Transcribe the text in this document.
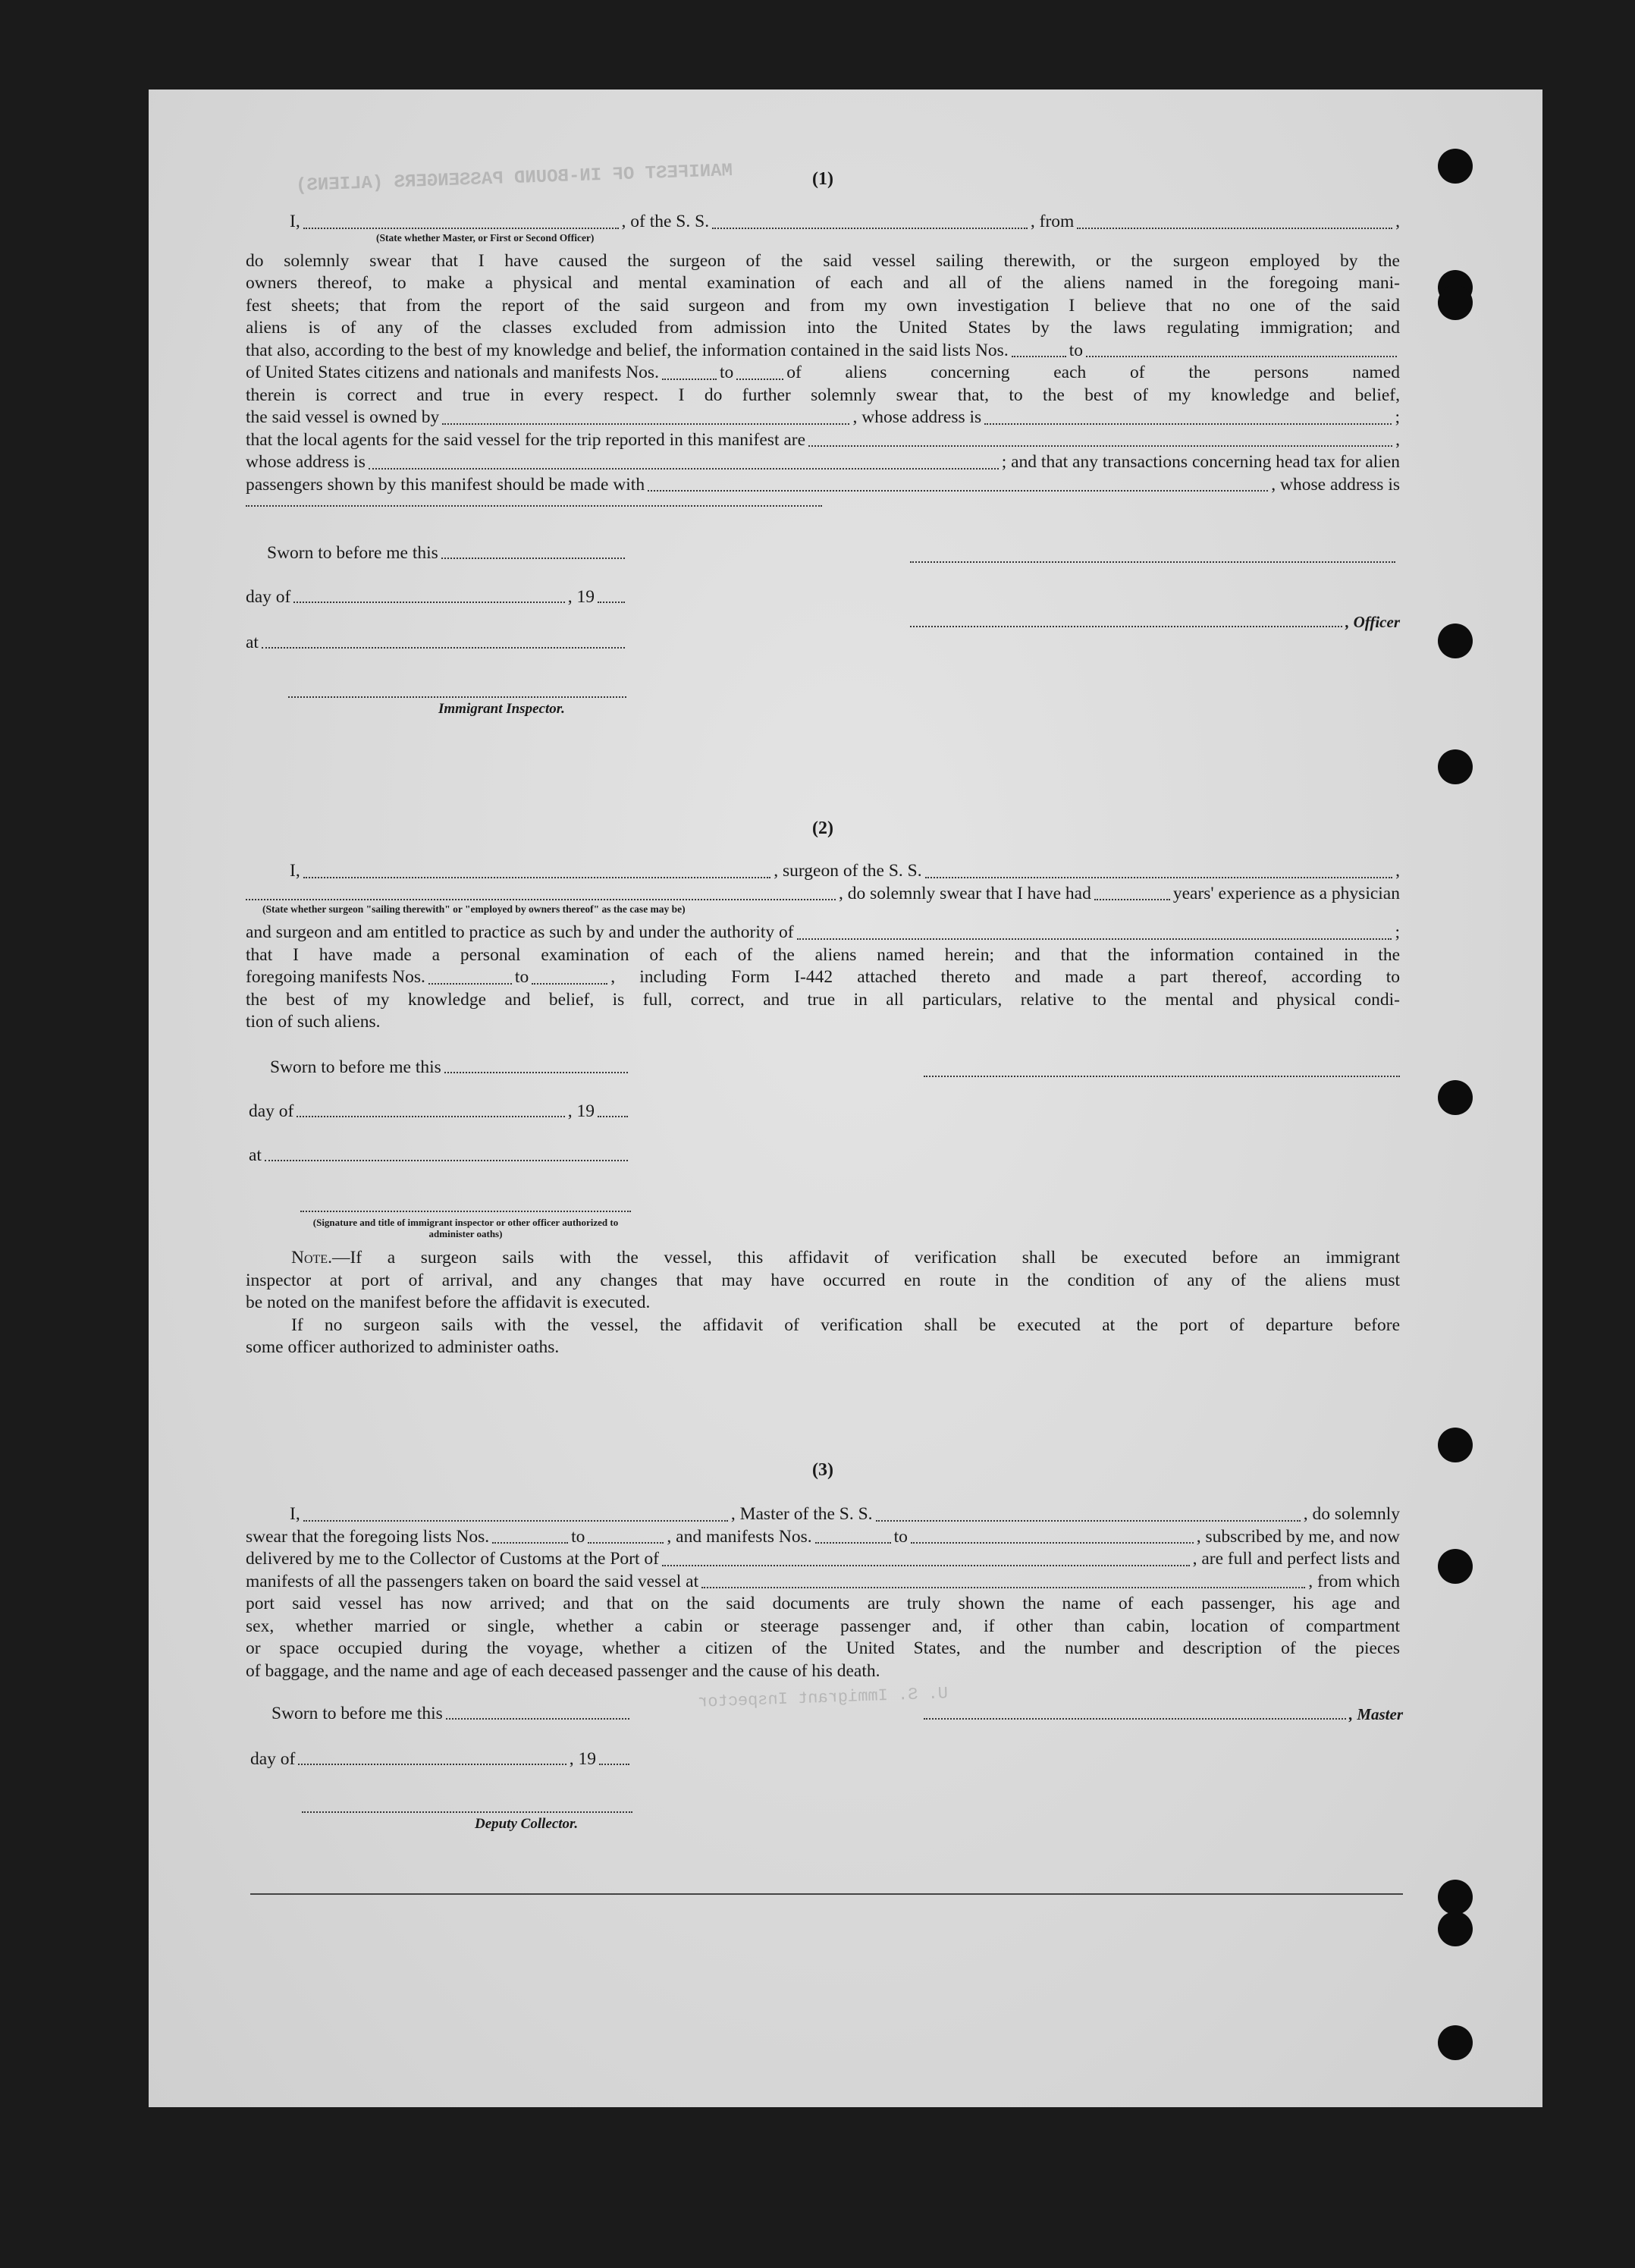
MANIFEST OF IN-BOUND PASSENGERS (ALIENS)
U. S. Immigrant Inspector
(1)
I,	, of the S. S.	, from	,
(State whether Master, or First or Second Officer)
do solemnly swear that I have caused the surgeon of the said vessel sailing therewith, or the surgeon employed by the
owners thereof, to make a physical and mental examination of each and all of the aliens named in the foregoing mani-
fest sheets; that from the report of the said surgeon and from my own investigation I believe that no one of the said
aliens is of any of the classes excluded from admission into the United States by the laws regulating immigration; and
that also, according to the best of my knowledge and belief, the information contained in the said lists Nos.	to
of United States citizens and nationals and manifests Nos.	to	of aliens concerning each of the persons named
therein is correct and true in every respect. I do further solemnly swear that, to the best of my knowledge and belief,
the said vessel is owned by	, whose address is	;
that the local agents for the said vessel for the trip reported in this manifest are	,
whose address is	; and that any transactions concerning head tax for alien
passengers shown by this manifest should be made with	, whose address is
Sworn to before me this
day of	, 19
at
Immigrant Inspector.
, Officer
(2)
I,	, surgeon of the S. S.	,
, do solemnly swear that I have had	years' experience as a physician
(State whether surgeon "sailing therewith" or "employed by owners thereof" as the case may be)
and surgeon and am entitled to practice as such by and under the authority of	;
that I have made a personal examination of each of the aliens named herein; and that the information contained in the
foregoing manifests Nos.	to	, including Form I-442 attached thereto and made a part thereof, according to
the best of my knowledge and belief, is full, correct, and true in all particulars, relative to the mental and physical condi-
tion of such aliens.
Sworn to before me this
day of	, 19
at
(Signature and title of immigrant inspector or other officer authorized to administer oaths)
Note.—If a surgeon sails with the vessel, this affidavit of verification shall be executed before an immigrant
inspector at port of arrival, and any changes that may have occurred en route in the condition of any of the aliens must
be noted on the manifest before the affidavit is executed.
If no surgeon sails with the vessel, the affidavit of verification shall be executed at the port of departure before
some officer authorized to administer oaths.
(3)
I,	, Master of the S. S.	, do solemnly
swear that the foregoing lists Nos.	to	, and manifests Nos.	to	, subscribed by me, and now
delivered by me to the Collector of Customs at the Port of	, are full and perfect lists and
manifests of all the passengers taken on board the said vessel at	, from which
port said vessel has now arrived; and that on the said documents are truly shown the name of each passenger, his age and
sex, whether married or single, whether a cabin or steerage passenger and, if other than cabin, location of compartment
or space occupied during the voyage, whether a citizen of the United States, and the number and description of the pieces
of baggage, and the name and age of each deceased passenger and the cause of his death.
Sworn to before me this	, Master
day of	, 19
Deputy Collector.
